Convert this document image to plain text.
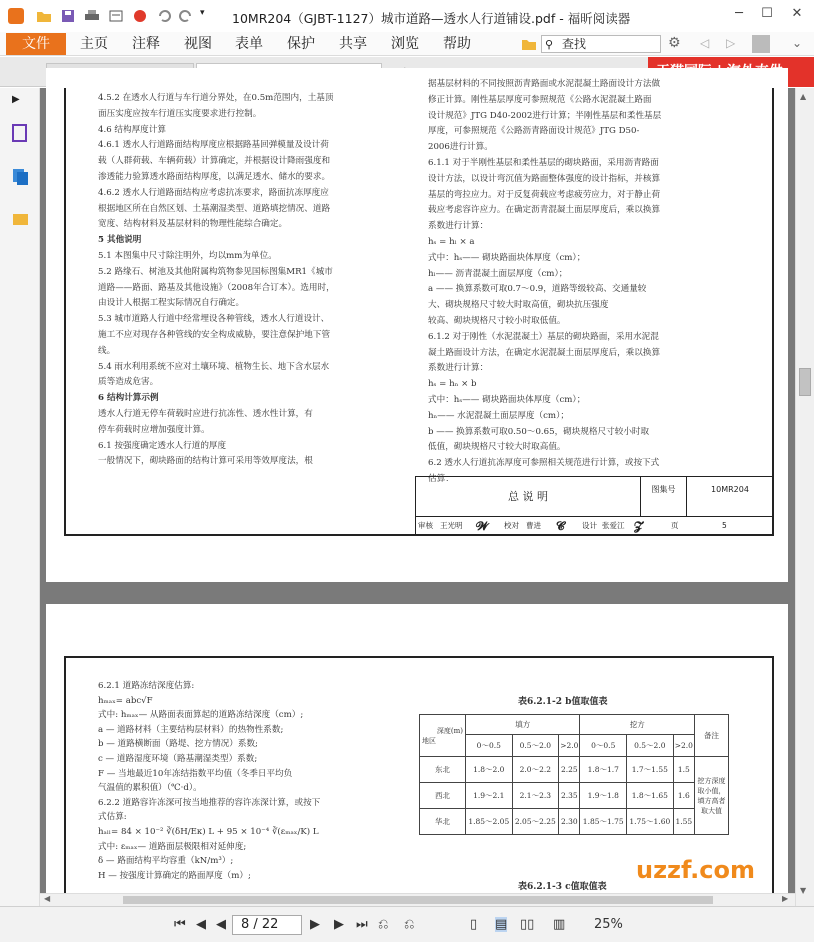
▾	10MR204（GJBT-1127）城市道路—透水人行道铺设.pdf - 福昕阅读器	─	☐	✕
文件	主页 注释 视图 表单 保护 共享 浏览 帮助	查找
⚲	⚙ ◁ ▷	⌄
▶	4.5.2 在透水人行道与车行道分界处，在0.5m范围内，土基顶
面压实度应按车行道压实度要求进行控制。
4.6 结构厚度计算
4.6.1 透水人行道路面结构厚度应根据路基回弹模量及设计荷
载（人群荷载、车辆荷载）计算确定，并根据设计降雨强度和
渗透能力验算透水路面结构厚度，以满足透水、储水的要求。
4.6.2 透水人行道路面结构应考虑抗冻要求，路面抗冻厚度应
根据地区所在自然区划、土基潮湿类型、道路填挖情况、道路
宽度、结构材料及基层材料的物理性能综合确定。
5 其他说明
5.1 本图集中尺寸除注明外，均以mm为单位。
5.2 路缘石、树池及其他附属构筑物参见国标图集MR1《城市
道路——路面、路基及其他设施》（2008年合订本）。选用时，
由设计人根据工程实际情况自行确定。
5.3 城市道路人行道中经常埋设各种管线，透水人行道设计、
施工不应对现存各种管线的安全构成威胁，要注意保护地下管
线。
5.4 雨水利用系统不应对土壤环境、植物生长、地下含水层水
质等造成危害。
6 结构计算示例
透水人行道无停车荷载时应进行抗冻性、透水性计算，有
停车荷载时应增加强度计算。
6.1 按强度确定透水人行道的厚度
一般情况下，砌块路面的结构计算可采用等效厚度法，根
据基层材料的不同按照沥青路面或水泥混凝土路面设计方法做
修正计算。刚性基层厚度可参照规范《公路水泥混凝土路面
设计规范》JTG D40-2002进行计算；半刚性基层和柔性基层
厚度，可参照规范《公路沥青路面设计规范》JTG D50-
2006进行计算。
6.1.1 对于半刚性基层和柔性基层的砌块路面，采用沥青路面
设计方法，以设计弯沉值为路面整体强度的设计指标，并核算
基层的弯拉应力。对于反复荷载应考虑疲劳应力，对于静止荷
载应考虑容许应力。在确定沥青混凝土面层厚度后，乘以换算
系数进行计算：
hₛ = hₗ × a
式中：hₛ—— 砌块路面块体厚度（cm）；
hₗ—— 沥青混凝土面层厚度（cm）；
a —— 换算系数可取0.7～0.9，道路等级较高、交通量较
大、砌块规格尺寸较大时取高值，砌块抗压强度
较高、砌块规格尺寸较小时取低值。
6.1.2 对于刚性（水泥混凝土）基层的砌块路面，采用水泥混
凝土路面设计方法，在确定水泥混凝土面层厚度后，乘以换算
系数进行计算：
hₛ = hₙ × b
式中：hₛ—— 砌块路面块体厚度（cm）；
hₙ—— 水泥混凝土面层厚度（cm）；
b —— 换算系数可取0.50～0.65，砌块规格尺寸较小时取
低值，砌块规格尺寸较大时取高值。
6.2 透水人行道抗冻厚度可参照相关规范进行计算，或按下式
估算：
总 说 明
图集号	10MR204
审核 王光明 𝓦 校对 曹进 𝓒 设计 张爱江 𝓩	页	5
6.2.1 道路冻结深度估算:
hₘₐₓ= abc√F
式中: hₘₐₓ— 从路面表面算起的道路冻结深度（cm）;
a — 道路材料（主要结构层材料）的热物性系数;
b — 道路横断面（路堤、挖方情况）系数;
c — 道路湿度环境（路基潮湿类型）系数;
F — 当地最近10年冻结指数平均值（冬季日平均负
气温值的累积值）（℃·d）。
6.2.2 道路容许冻深可按当地推荐的容许冻深计算，或按下
式估算:
hₐₗₗ= 84 × 10⁻² ∛(δH/Eκ) L + 95 × 10⁻⁴ ∛(εₘₐₓ/K) L
式中: εₘₐₓ— 道路面层极限相对延伸度;
δ — 路面结构平均容重（kN/m³）;
H — 按强度计算确定的路面厚度（m）;
表6.2.1-2 b值取值表
深度(m)
地区	填方			挖方			备注
	0～0.5	0.5～2.0	>2.0	0～0.5	0.5～2.0	>2.0	
东北	1.8～2.0	2.0～2.2	2.25	1.8～1.7	1.7～1.55	1.5	挖方深度取小值，填方高者取大值
西北	1.9～2.1	2.1～2.3	2.35	1.9～1.8	1.8～1.65	1.6	
华北	1.85～2.05	2.05～2.25	2.30	1.85～1.75	1.75～1.60	1.55	
表6.2.1-3 c值取值表
uzzf.com
▲
▼
◀	▶
⏮ ◀ ◀	8 / 22	▶ ▶ ⏭ ⎌ ⎌	▯ ▤ ▯▯ ▥ 25%
